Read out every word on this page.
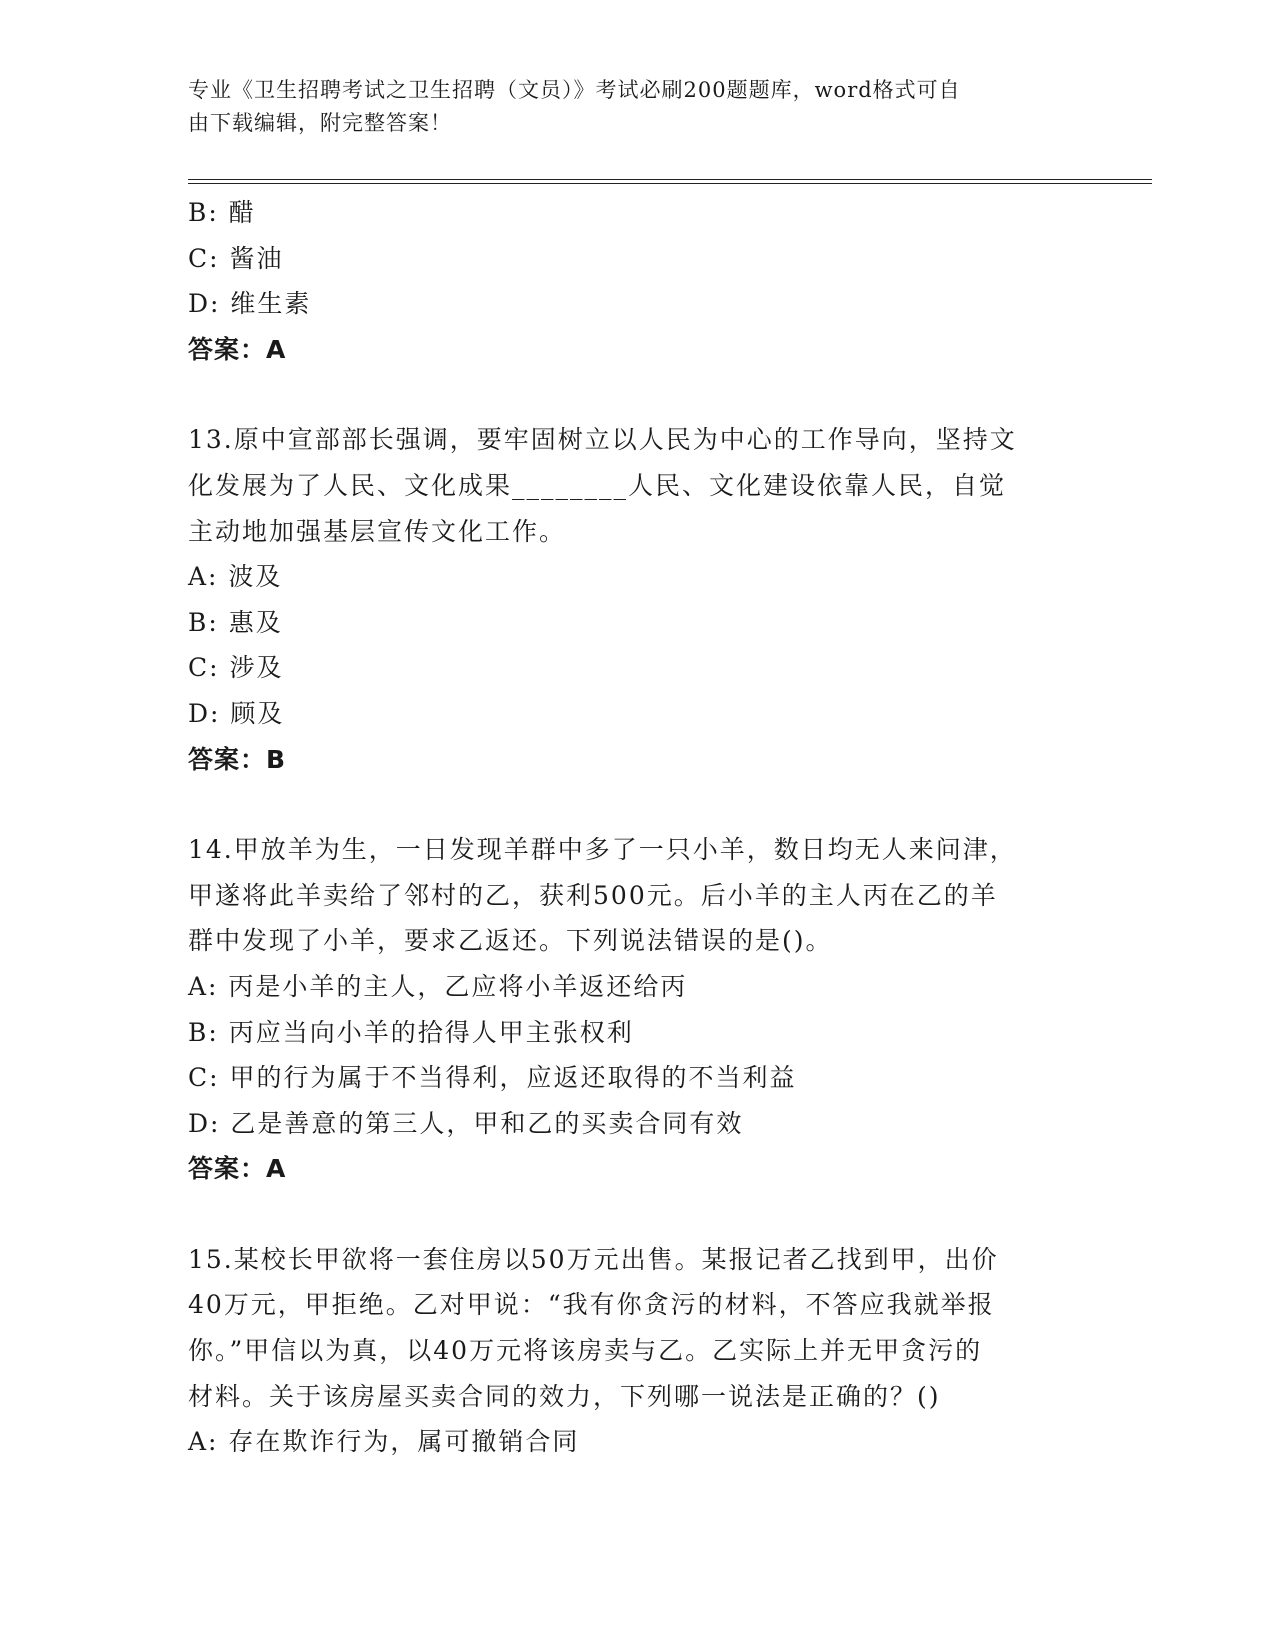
专业《卫生招聘考试之卫生招聘（文员）》考试必刷200题题库，word格式可自
由下载编辑，附完整答案！
B: 醋
C: 酱油
D: 维生素
答案：A
13.原中宣部部长强调，要牢固树立以人民为中心的工作导向，坚持文
化发展为了人民、文化成果________人民、文化建设依靠人民，自觉
主动地加强基层宣传文化工作。
A: 波及
B: 惠及
C: 涉及
D: 顾及
答案：B
14.甲放羊为生，一日发现羊群中多了一只小羊，数日均无人来问津，
甲遂将此羊卖给了邻村的乙，获利500元。后小羊的主人丙在乙的羊
群中发现了小羊，要求乙返还。下列说法错误的是()。
A: 丙是小羊的主人，乙应将小羊返还给丙
B: 丙应当向小羊的拾得人甲主张权利
C: 甲的行为属于不当得利，应返还取得的不当利益
D: 乙是善意的第三人，甲和乙的买卖合同有效
答案：A
15.某校长甲欲将一套住房以50万元出售。某报记者乙找到甲，出价
40万元，甲拒绝。乙对甲说：“我有你贪污的材料，不答应我就举报
你。”甲信以为真，以40万元将该房卖与乙。乙实际上并无甲贪污的
材料。关于该房屋买卖合同的效力，下列哪一说法是正确的？()
A: 存在欺诈行为，属可撤销合同
